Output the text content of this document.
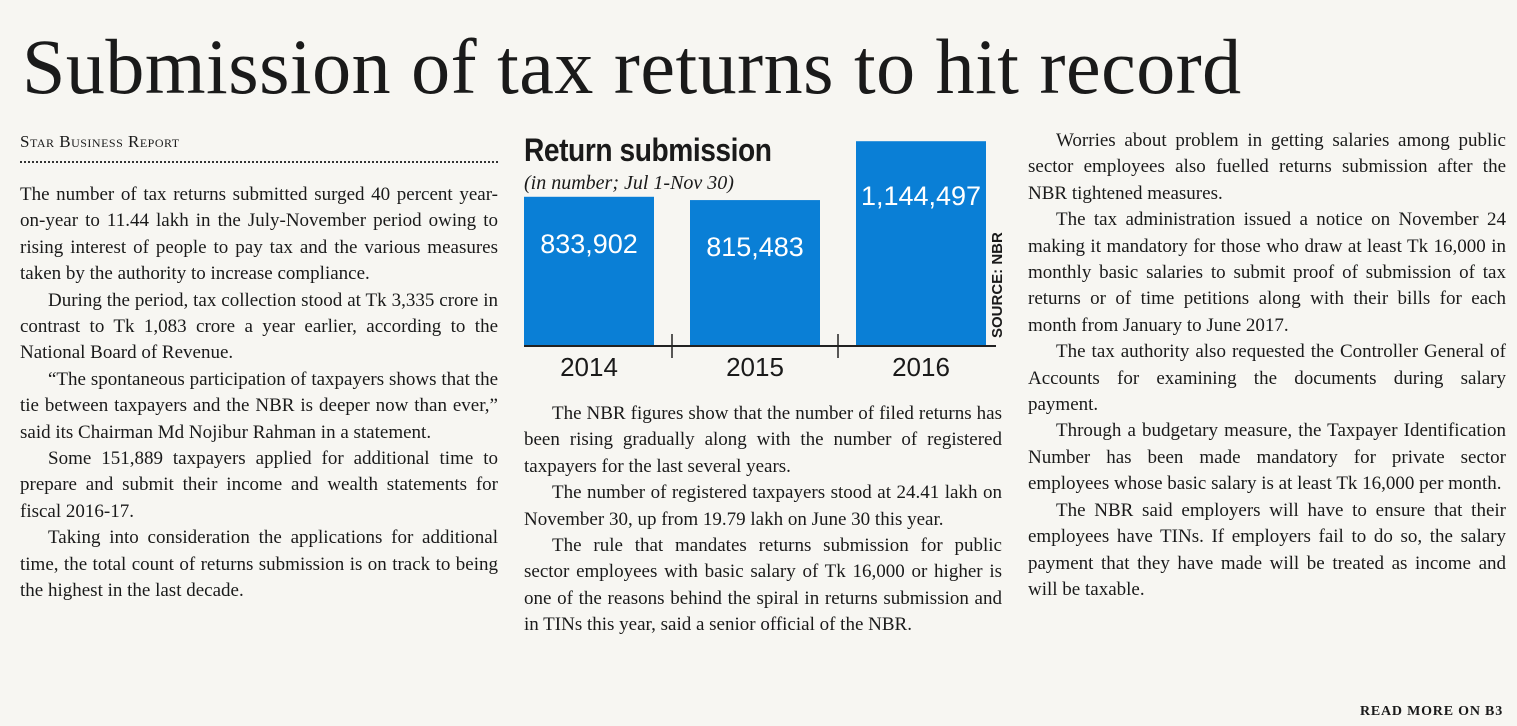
Submission of tax returns to hit record
Star Business Report

The number of tax returns submitted surged 40 percent year-on-year to 11.44 lakh in the July-November period owing to rising interest of people to pay tax and the various measures taken by the authority to increase compliance.

During the period, tax collection stood at Tk 3,335 crore in contrast to Tk 1,083 crore a year earlier, according to the National Board of Revenue.

“The spontaneous participation of taxpayers shows that the tie between taxpayers and the NBR is deeper now than ever,” said its Chairman Md Nojibur Rahman in a statement.

Some 151,889 taxpayers applied for additional time to prepare and submit their income and wealth statements for fiscal 2016-17.

Taking into consideration the applications for additional time, the total count of returns submission is on track to being the highest in the last decade.

Return submission
(in number; Jul 1-Nov 30)
833,902
2014
815,483
2015
1,144,497
2016
SOURCE: NBR

The NBR figures show that the number of filed returns has been rising gradually along with the number of registered taxpayers for the last several years.

The number of registered taxpayers stood at 24.41 lakh on November 30, up from 19.79 lakh on June 30 this year.

The rule that mandates returns submission for public sector employees with basic salary of Tk 16,000 or higher is one of the reasons behind the spiral in returns submission and in TINs this year, said a senior official of the NBR.

Worries about problem in getting salaries among public sector employees also fuelled returns submission after the NBR tightened measures.

The tax administration issued a notice on November 24 making it mandatory for those who draw at least Tk 16,000 in monthly basic salaries to submit proof of submission of tax returns or of time petitions along with their bills for each month from January to June 2017.

The tax authority also requested the Controller General of Accounts for examining the documents during salary payment.

Through a budgetary measure, the Taxpayer Identification Number has been made mandatory for private sector employees whose basic salary is at least Tk 16,000 per month.

The NBR said employers will have to ensure that their employees have TINs. If employers fail to do so, the salary payment that they have made will be treated as income and will be taxable.

READ MORE ON B3
